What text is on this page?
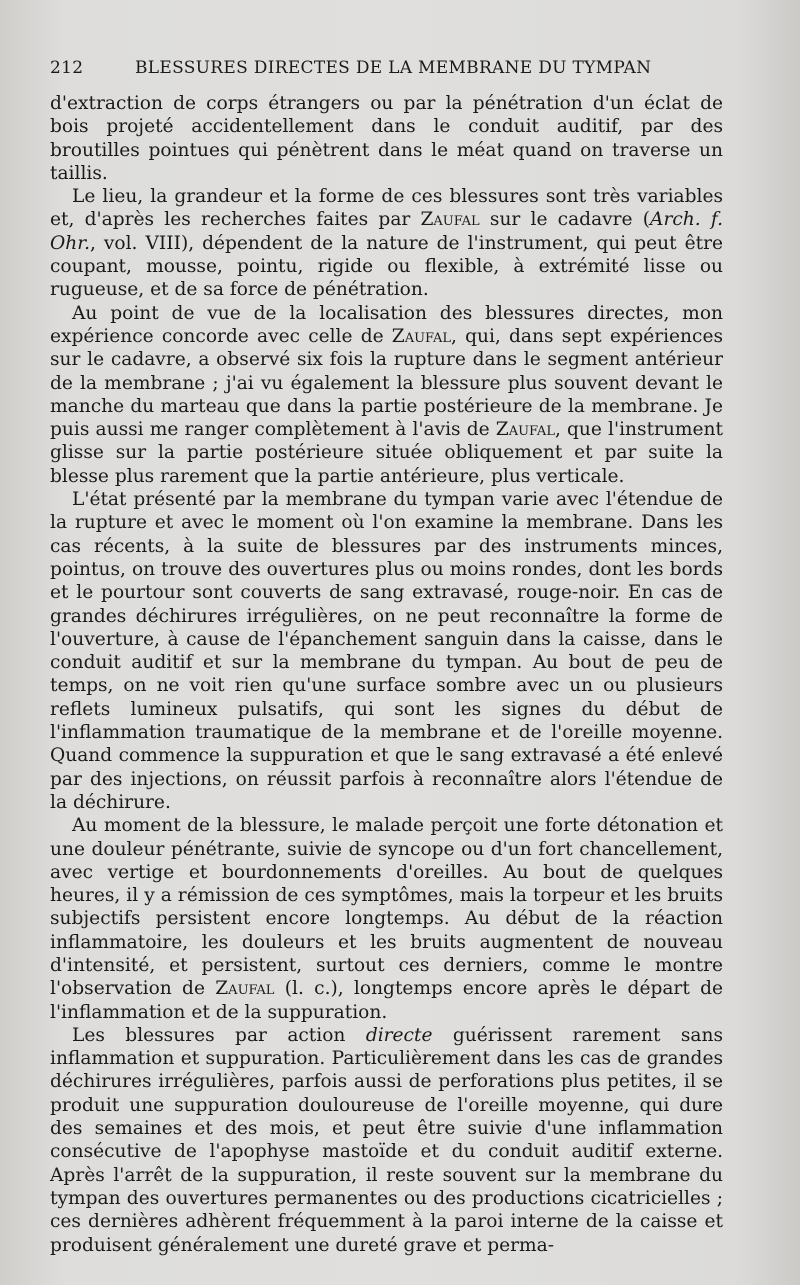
212	BLESSURES DIRECTES DE LA MEMBRANE DU TYMPAN

d'extraction de corps étrangers ou par la pénétration d'un éclat de bois projeté accidentellement dans le conduit auditif, par des broutilles pointues qui pénètrent dans le méat quand on traverse un taillis.

Le lieu, la grandeur et la forme de ces blessures sont très variables et, d'après les recherches faites par Zaufal sur le cadavre (Arch. f. Ohr., vol. VIII), dépendent de la nature de l'instrument, qui peut être coupant, mousse, pointu, rigide ou flexible, à extrémité lisse ou rugueuse, et de sa force de pénétration.

Au point de vue de la localisation des blessures directes, mon expérience concorde avec celle de Zaufal, qui, dans sept expériences sur le cadavre, a observé six fois la rupture dans le segment antérieur de la membrane ; j'ai vu également la blessure plus souvent devant le manche du marteau que dans la partie postérieure de la membrane. Je puis aussi me ranger complètement à l'avis de Zaufal, que l'instrument glisse sur la partie postérieure située obliquement et par suite la blesse plus rarement que la partie antérieure, plus verticale.

L'état présenté par la membrane du tympan varie avec l'étendue de la rupture et avec le moment où l'on examine la membrane. Dans les cas récents, à la suite de blessures par des instruments minces, pointus, on trouve des ouvertures plus ou moins rondes, dont les bords et le pourtour sont couverts de sang extravasé, rouge-noir. En cas de grandes déchirures irrégulières, on ne peut reconnaître la forme de l'ouverture, à cause de l'épanchement sanguin dans la caisse, dans le conduit auditif et sur la membrane du tympan. Au bout de peu de temps, on ne voit rien qu'une surface sombre avec un ou plusieurs reflets lumineux pulsatifs, qui sont les signes du début de l'inflammation traumatique de la membrane et de l'oreille moyenne. Quand commence la suppuration et que le sang extravasé a été enlevé par des injections, on réussit parfois à reconnaître alors l'étendue de la déchirure.

Au moment de la blessure, le malade perçoit une forte détonation et une douleur pénétrante, suivie de syncope ou d'un fort chancellement, avec vertige et bourdonnements d'oreilles. Au bout de quelques heures, il y a rémission de ces symptômes, mais la torpeur et les bruits subjectifs persistent encore longtemps. Au début de la réaction inflammatoire, les douleurs et les bruits augmentent de nouveau d'intensité, et persistent, surtout ces derniers, comme le montre l'observation de Zaufal (l. c.), longtemps encore après le départ de l'inflammation et de la suppuration.

Les blessures par action directe guérissent rarement sans inflammation et suppuration. Particulièrement dans les cas de grandes déchirures irrégulières, parfois aussi de perforations plus petites, il se produit une suppuration douloureuse de l'oreille moyenne, qui dure des semaines et des mois, et peut être suivie d'une inflammation consécutive de l'apophyse mastoïde et du conduit auditif externe. Après l'arrêt de la suppuration, il reste souvent sur la membrane du tympan des ouvertures permanentes ou des productions cicatricielles ; ces dernières adhèrent fréquemment à la paroi interne de la caisse et produisent généralement une dureté grave et perma-
